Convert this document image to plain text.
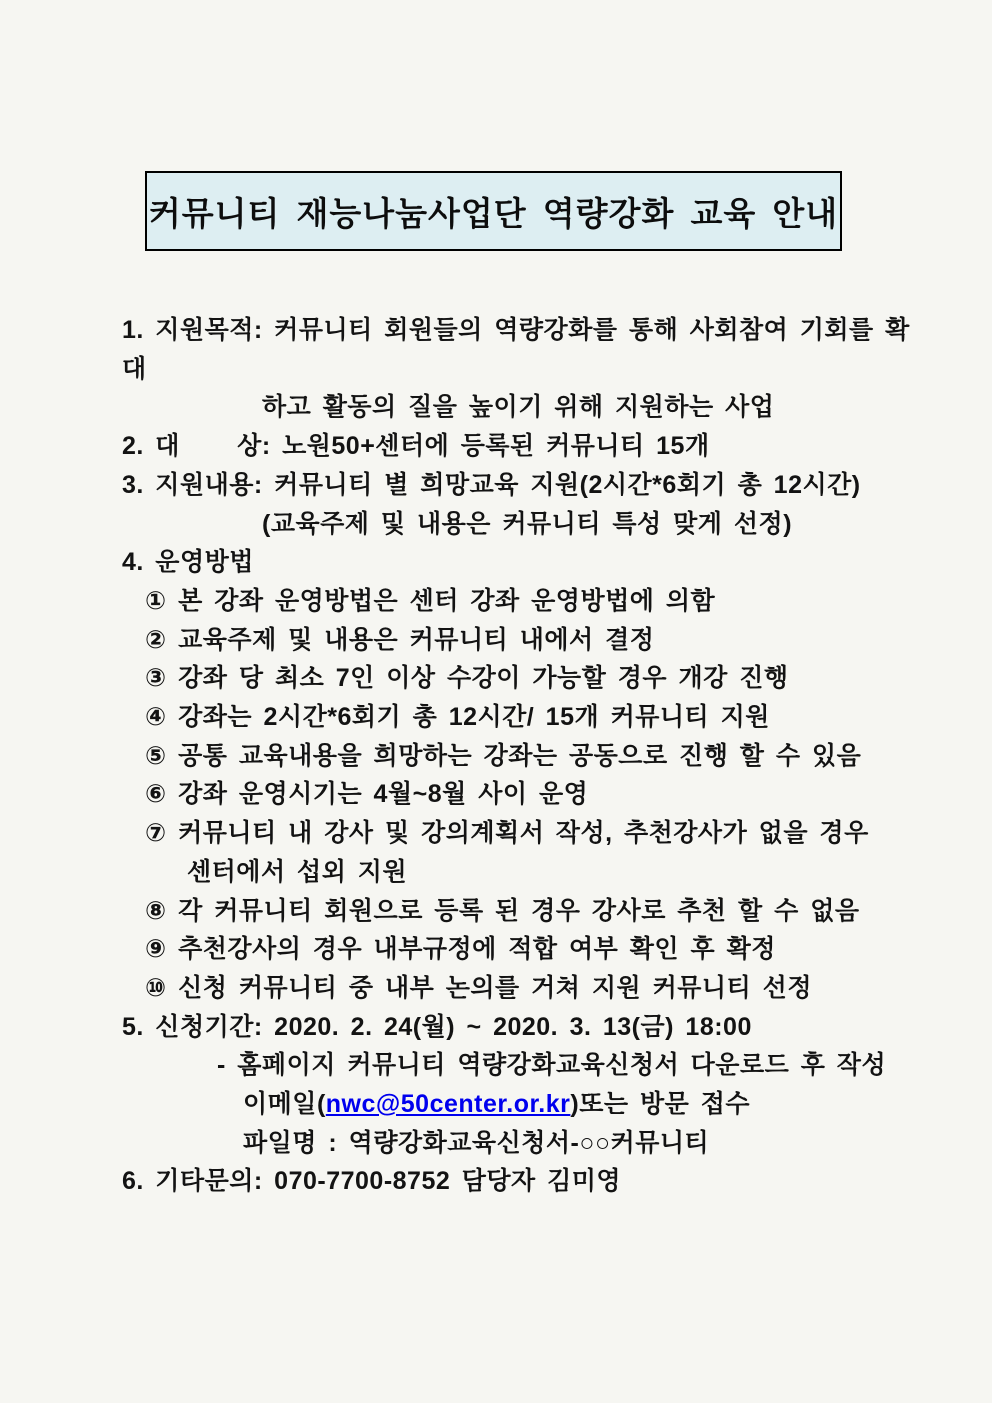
커뮤니티 재능나눔사업단 역량강화 교육 안내
1. 지원목적: 커뮤니티 회원들의 역량강화를 통해 사회참여 기회를 확대
하고 활동의 질을 높이기 위해 지원하는 사업
2. 대     상: 노원50+센터에 등록된 커뮤니티 15개
3. 지원내용: 커뮤니티 별 희망교육 지원(2시간*6회기 총 12시간)
(교육주제 및 내용은 커뮤니티 특성 맞게 선정)
4. 운영방법
① 본 강좌 운영방법은 센터 강좌 운영방법에 의함
② 교육주제 및 내용은 커뮤니티 내에서 결정
③ 강좌 당 최소 7인 이상 수강이 가능할 경우 개강 진행
④ 강좌는 2시간*6회기 총 12시간/ 15개 커뮤니티 지원
⑤ 공통 교육내용을 희망하는 강좌는 공동으로 진행 할 수 있음
⑥ 강좌 운영시기는 4월~8월 사이 운영
⑦ 커뮤니티 내 강사 및 강의계획서 작성, 추천강사가 없을 경우
센터에서 섭외 지원
⑧ 각 커뮤니티 회원으로 등록 된 경우 강사로 추천 할 수 없음
⑨ 추천강사의 경우 내부규정에 적합 여부 확인 후 확정
⑩ 신청 커뮤니티 중 내부 논의를 거쳐 지원 커뮤니티 선정
5. 신청기간: 2020. 2. 24(월) ~ 2020. 3. 13(금) 18:00
- 홈페이지 커뮤니티 역량강화교육신청서 다운로드 후 작성
이메일(nwc@50center.or.kr)또는 방문 접수
파일명 : 역량강화교육신청서-○○커뮤니티
6. 기타문의: 070-7700-8752 담당자 김미영
